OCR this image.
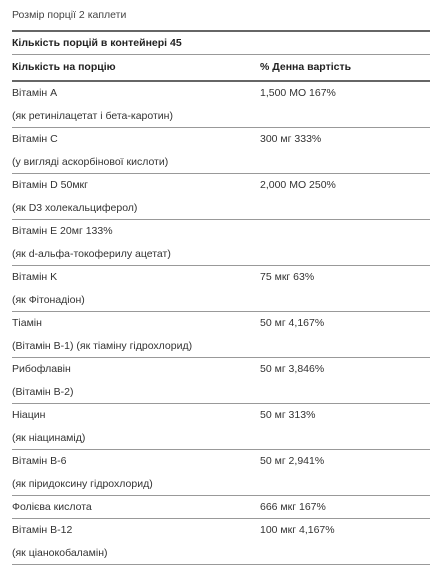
Розмір порції 2 каплети
Кількість порцій в контейнері 45
Кількість на порцію	% Денна вартість
Вітамін A
(як ретинілацетат і бета-каротин)
1,500 МО 167%
Вітамін C
(у вигляді аскорбінової кислоти)
300 мг 333%
Вітамін D 50мкг
(як D3 холекальциферол)
2,000 МО 250%
Вітамін E 20мг 133%
(як d-альфа-токоферилу ацетат)
Вітамін K
(як Фітонадіон)
75 мкг 63%
Тіамін
(Вітамін B-1) (як тіаміну гідрохлорид)
50 мг 4,167%
Рибофлавін
(Вітамін B-2)
50 мг 3,846%
Ніацин
(як ніацинамід)
50 мг 313%
Вітамін B-6
(як піридоксину гідрохлорид)
50 мг 2,941%
Фолієва кислота	666 мкг 167%
Вітамін B-12
(як ціанокобаламін)
100 мкг 4,167%
